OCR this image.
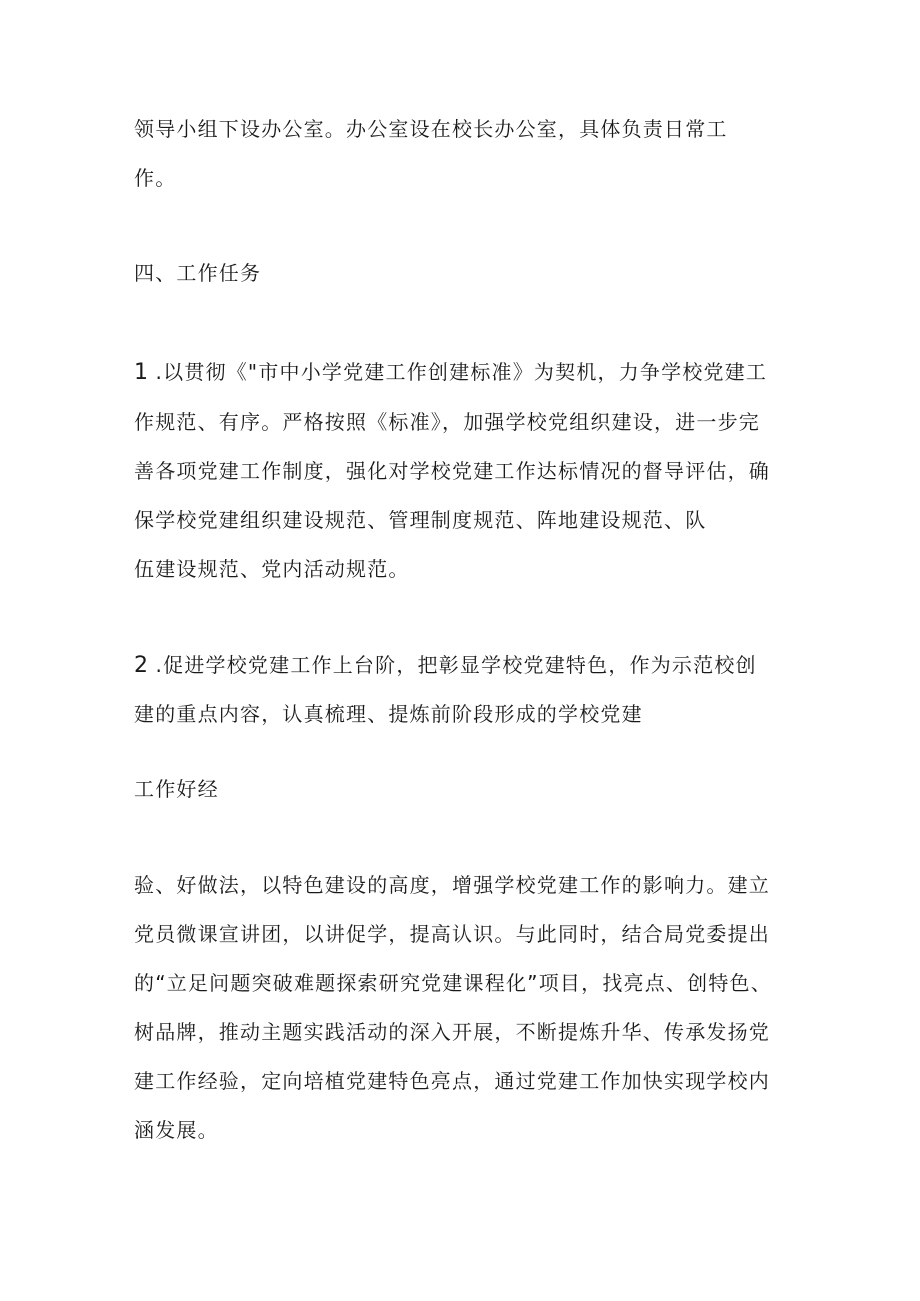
领导小组下设办公室。办公室设在校长办公室，具体负责日常工
作。
四、工作任务
1 .以贯彻《"市中小学党建工作创建标准》为契机，力争学校党建工
作规范、有序。严格按照《标准》，加强学校党组织建设，进一步完
善各项党建工作制度，强化对学校党建工作达标情况的督导评估，确
保学校党建组织建设规范、管理制度规范、阵地建设规范、队
伍建设规范、党内活动规范。
2 .促进学校党建工作上台阶，把彰显学校党建特色，作为示范校创
建的重点内容，认真梳理、提炼前阶段形成的学校党建
工作好经
验、好做法，以特色建设的高度，增强学校党建工作的影响力。建立
党员微课宣讲团，以讲促学，提高认识。与此同时，结合局党委提出
的“立足问题突破难题探索研究党建课程化”项目，找亮点、创特色、
树品牌，推动主题实践活动的深入开展，不断提炼升华、传承发扬党
建工作经验，定向培植党建特色亮点，通过党建工作加快实现学校内
涵发展。
